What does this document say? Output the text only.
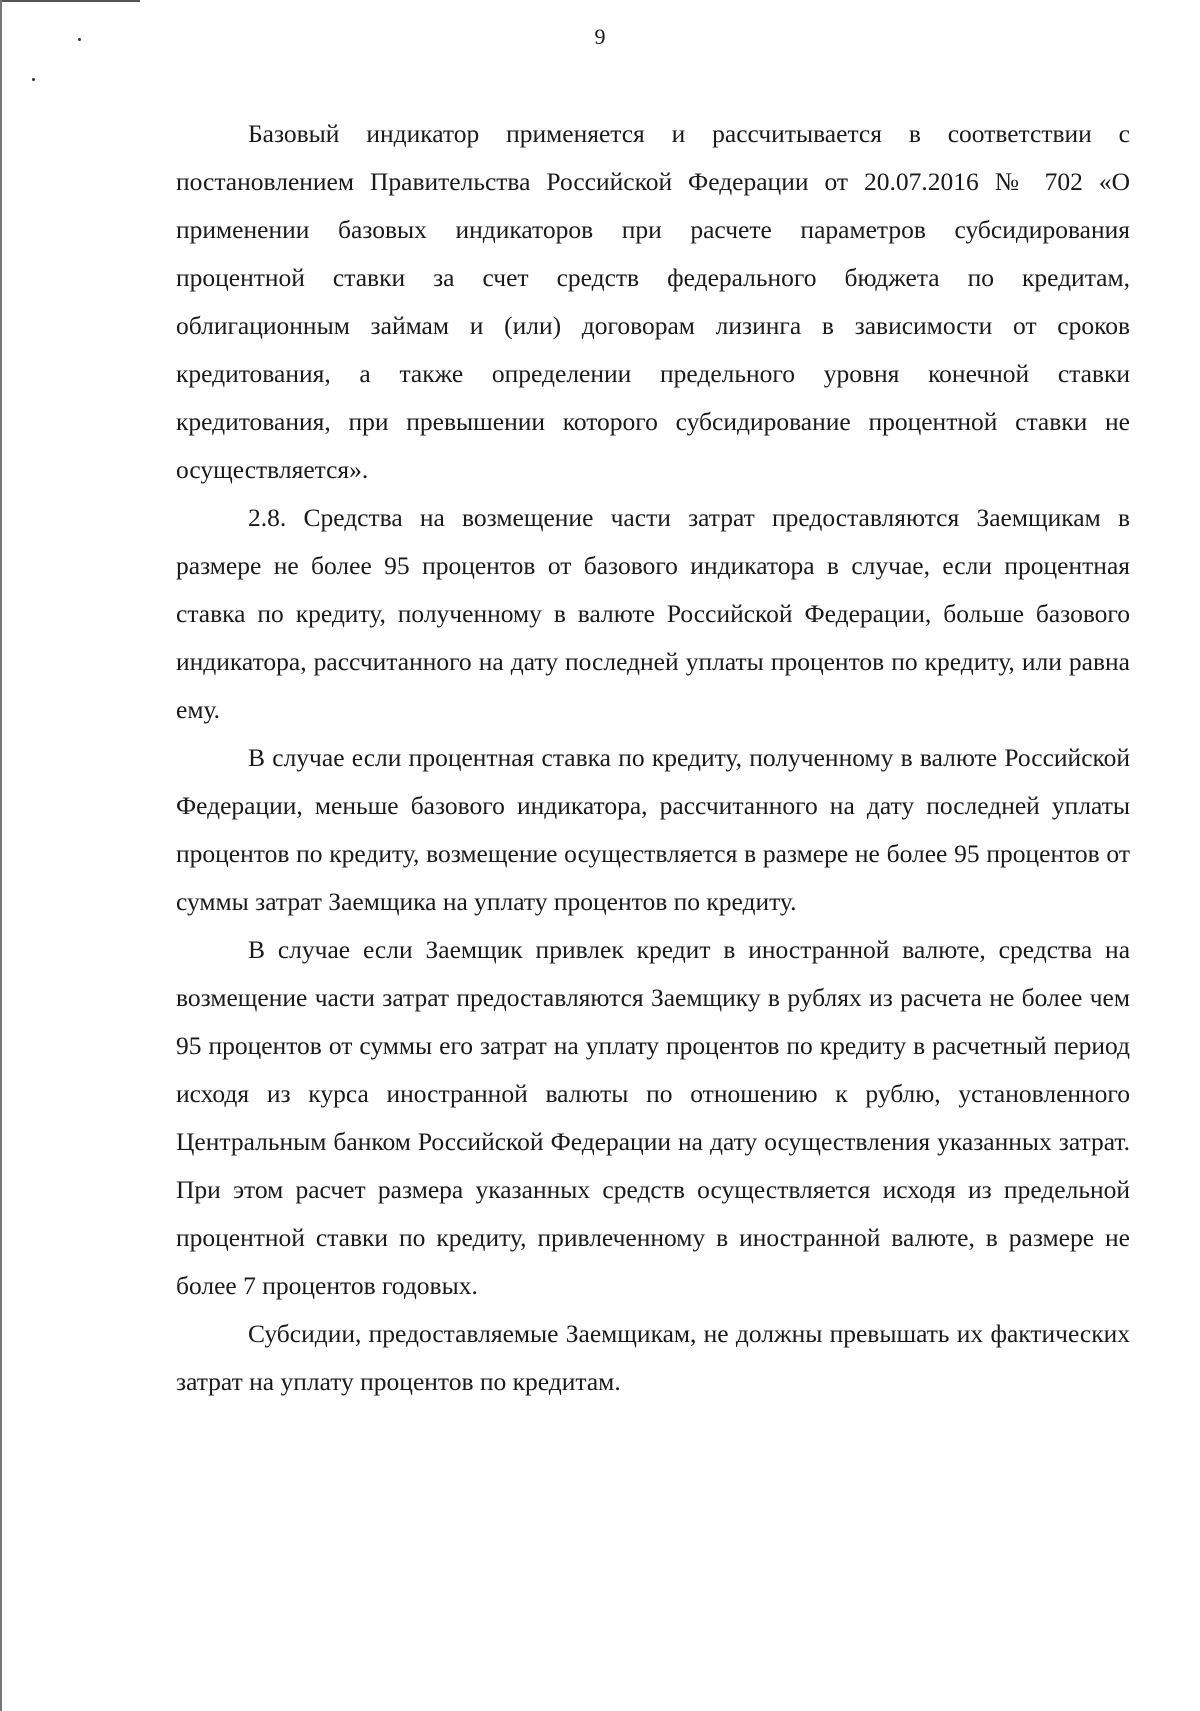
9

Базовый индикатор применяется и рассчитывается в соответствии с постановлением Правительства Российской Федерации от 20.07.2016 № 702 «О применении базовых индикаторов при расчете параметров субсидирования процентной ставки за счет средств федерального бюджета по кредитам, облигационным займам и (или) договорам лизинга в зависимости от сроков кредитования, а также определении предельного уровня конечной ставки кредитования, при превышении которого субсидирование процентной ставки не осуществляется».

2.8. Средства на возмещение части затрат предоставляются Заемщикам в размере не более 95 процентов от базового индикатора в случае, если процентная ставка по кредиту, полученному в валюте Российской Федерации, больше базового индикатора, рассчитанного на дату последней уплаты процентов по кредиту, или равна ему.

В случае если процентная ставка по кредиту, полученному в валюте Российской Федерации, меньше базового индикатора, рассчитанного на дату последней уплаты процентов по кредиту, возмещение осуществляется в размере не более 95 процентов от суммы затрат Заемщика на уплату процентов по кредиту.

В случае если Заемщик привлек кредит в иностранной валюте, средства на возмещение части затрат предоставляются Заемщику в рублях из расчета не более чем 95 процентов от суммы его затрат на уплату процентов по кредиту в расчетный период исходя из курса иностранной валюты по отношению к рублю, установленного Центральным банком Российской Федерации на дату осуществления указанных затрат. При этом расчет размера указанных средств осуществляется исходя из предельной процентной ставки по кредиту, привлеченному в иностранной валюте, в размере не более 7 процентов годовых.

Субсидии, предоставляемые Заемщикам, не должны превышать их фактических затрат на уплату процентов по кредитам.
